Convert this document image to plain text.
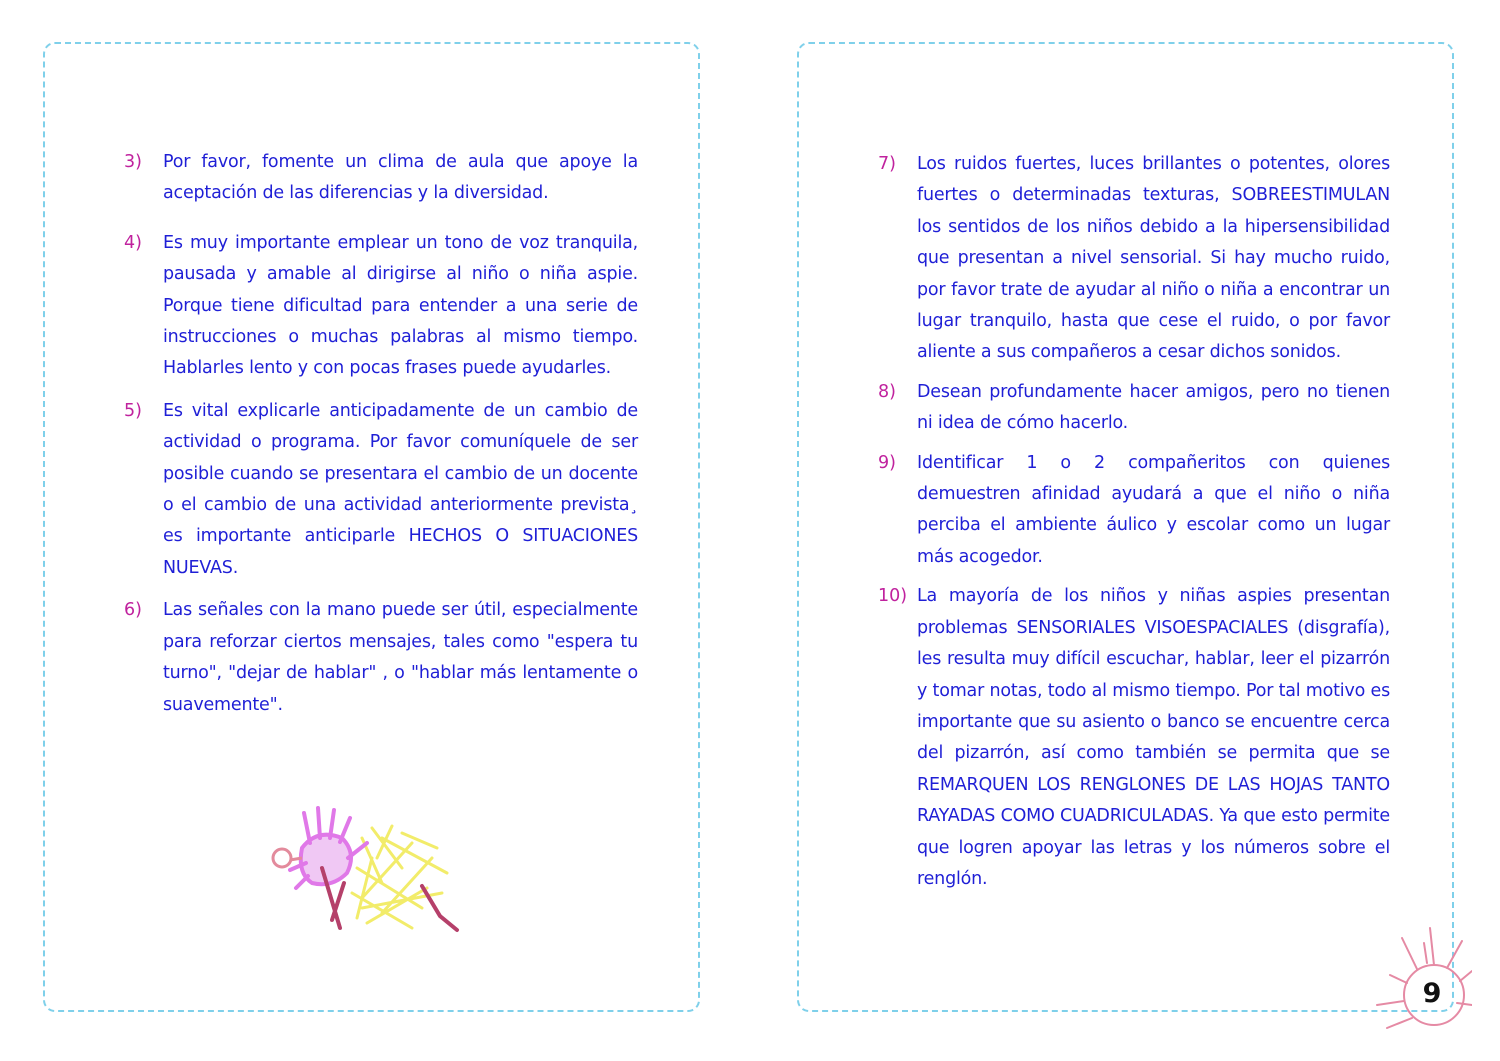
3)	Por favor, fomente un clima de aula que apoye la aceptación de las diferencias y la diversidad.
4)	Es muy importante emplear un tono de voz tranquila, pausada y amable al dirigirse al niño o niña aspie. Porque tiene dificultad para entender a una serie de instrucciones o muchas palabras al mismo tiempo. Hablarles lento y con pocas frases puede ayudarles.
5)	Es vital explicarle anticipadamente de un cambio de actividad o programa. Por favor comuníquele de ser posible cuando se presentara el cambio de un docente o el cambio de una actividad anteriormente prevista¸ es importante anticiparle HECHOS O SITUACIONES NUEVAS.
6)	Las señales con la mano puede ser útil, especialmente para reforzar ciertos mensajes, tales como "espera tu turno", "dejar de hablar" , o "hablar más lentamente o suavemente".
7)	Los ruidos fuertes, luces brillantes o potentes, olores fuertes o determinadas texturas, SOBREESTIMULAN los sentidos de los niños debido a la hipersensibilidad que presentan a nivel sensorial. Si hay mucho ruido, por favor trate de ayudar al niño o niña a encontrar un lugar tranquilo, hasta que cese el ruido, o por favor aliente a sus compañeros a cesar dichos sonidos.
8)	Desean profundamente hacer amigos, pero no tienen ni idea de cómo hacerlo.
9)	Identificar 1 o 2 compañeritos con quienes demuestren afinidad ayudará a que el niño o niña perciba el ambiente áulico y escolar como un lugar más acogedor.
10) La mayoría de los niños y niñas aspies presentan problemas SENSORIALES VISOESPACIALES (disgrafía), les resulta muy difícil escuchar, hablar, leer el pizarrón y tomar notas, todo al mismo tiempo. Por tal motivo es importante que su asiento o banco se encuentre cerca del pizarrón, así como también se permita que se REMARQUEN LOS RENGLONES DE LAS HOJAS TANTO RAYADAS COMO CUADRICULADAS. Ya que esto permite que logren apoyar las letras y los números sobre el renglón.
9
